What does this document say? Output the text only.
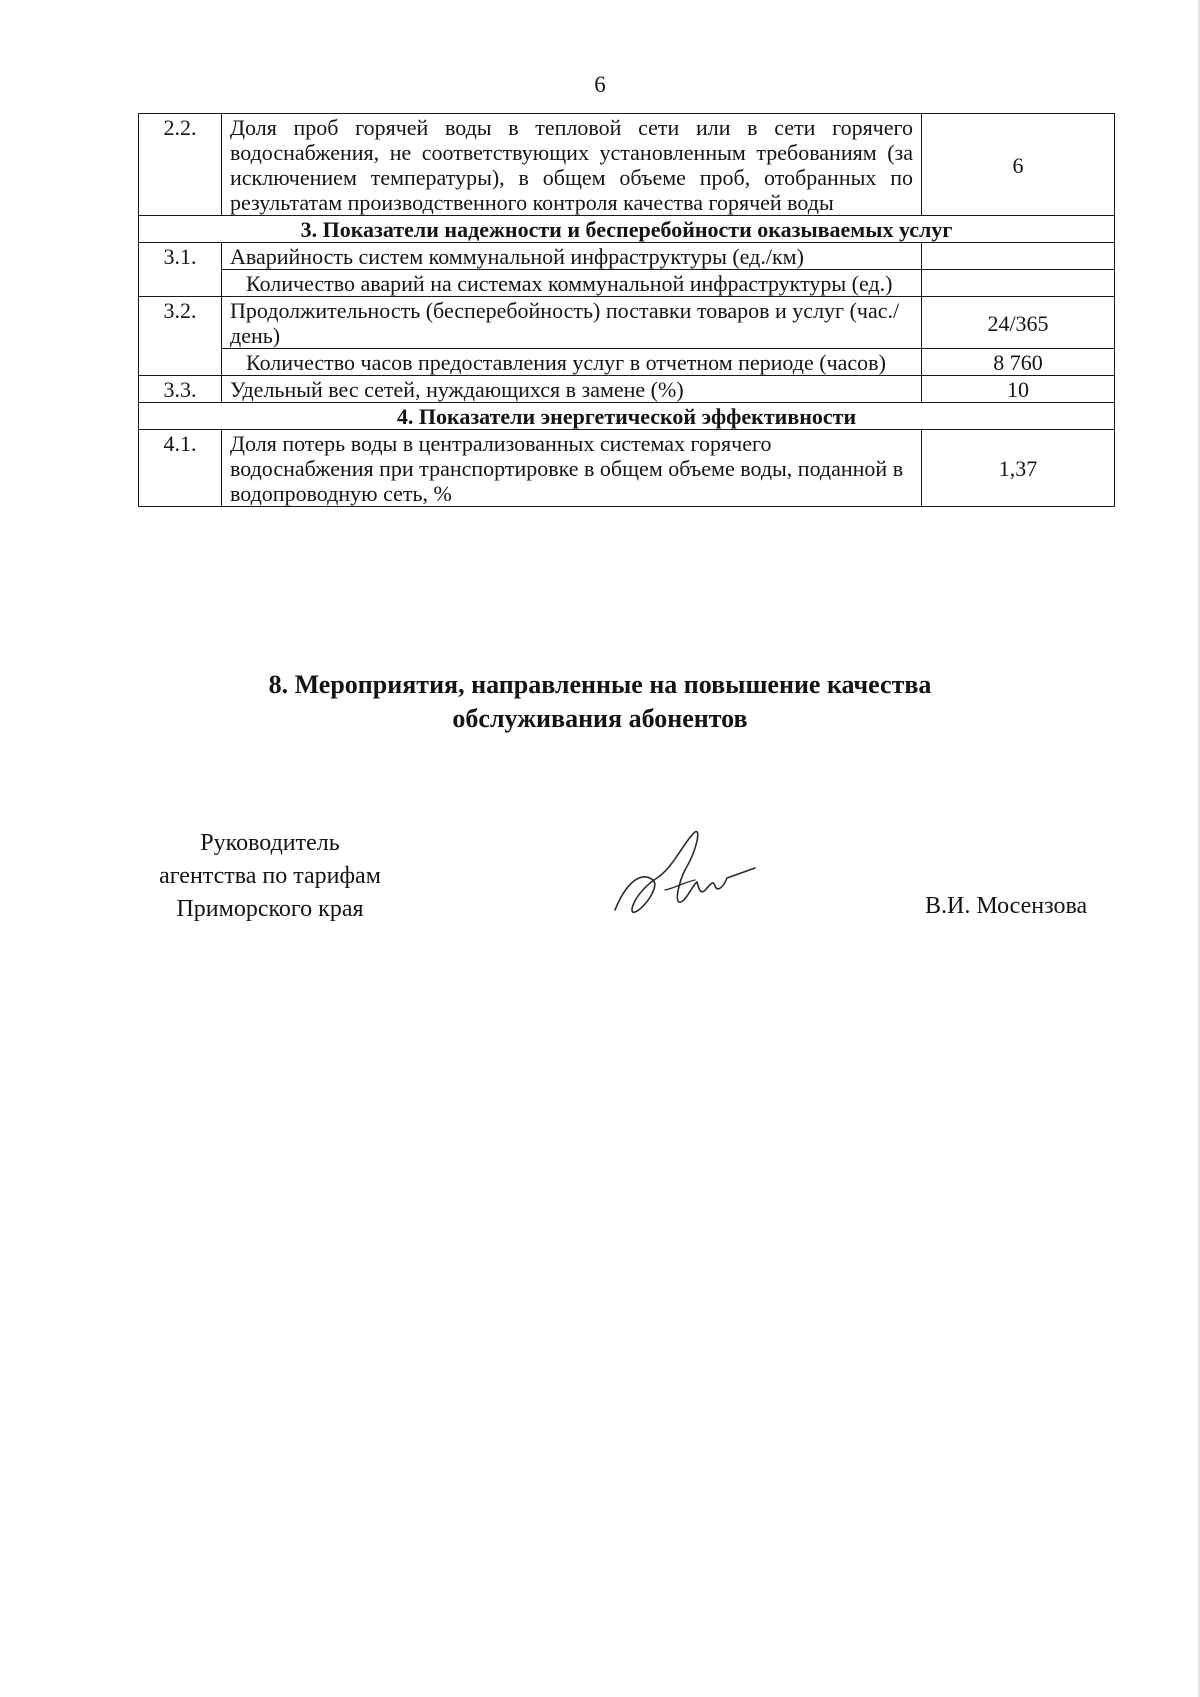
6
2.2.	Доля проб горячей воды в тепловой сети или в сети горячего водоснабжения, не соответствующих установленным требованиям (за исключением температуры), в общем объеме проб, отобранных по результатам производственного контроля качества горячей воды	6
3. Показатели надежности и бесперебойности оказываемых услуг		
3.1.	Аварийность систем коммунальной инфраструктуры (ед./км)	
	Количество аварий на системах коммунальной инфраструктуры (ед.)	
3.2.	Продолжительность (бесперебойность) поставки товаров и услуг (час./день)	24/365
	Количество часов предоставления услуг в отчетном периоде (часов)	8 760
3.3.	Удельный вес сетей, нуждающихся в замене (%)	10
4. Показатели энергетической эффективности		
4.1.	Доля потерь воды в централизованных системах горячего водоснабжения при транспортировке в общем объеме воды, поданной в водопроводную сеть, %	1,37
8. Мероприятия, направленные на повышение качества
обслуживания абонентов
Руководитель
агентства по тарифам
Приморского края	В.И. Мосензова
